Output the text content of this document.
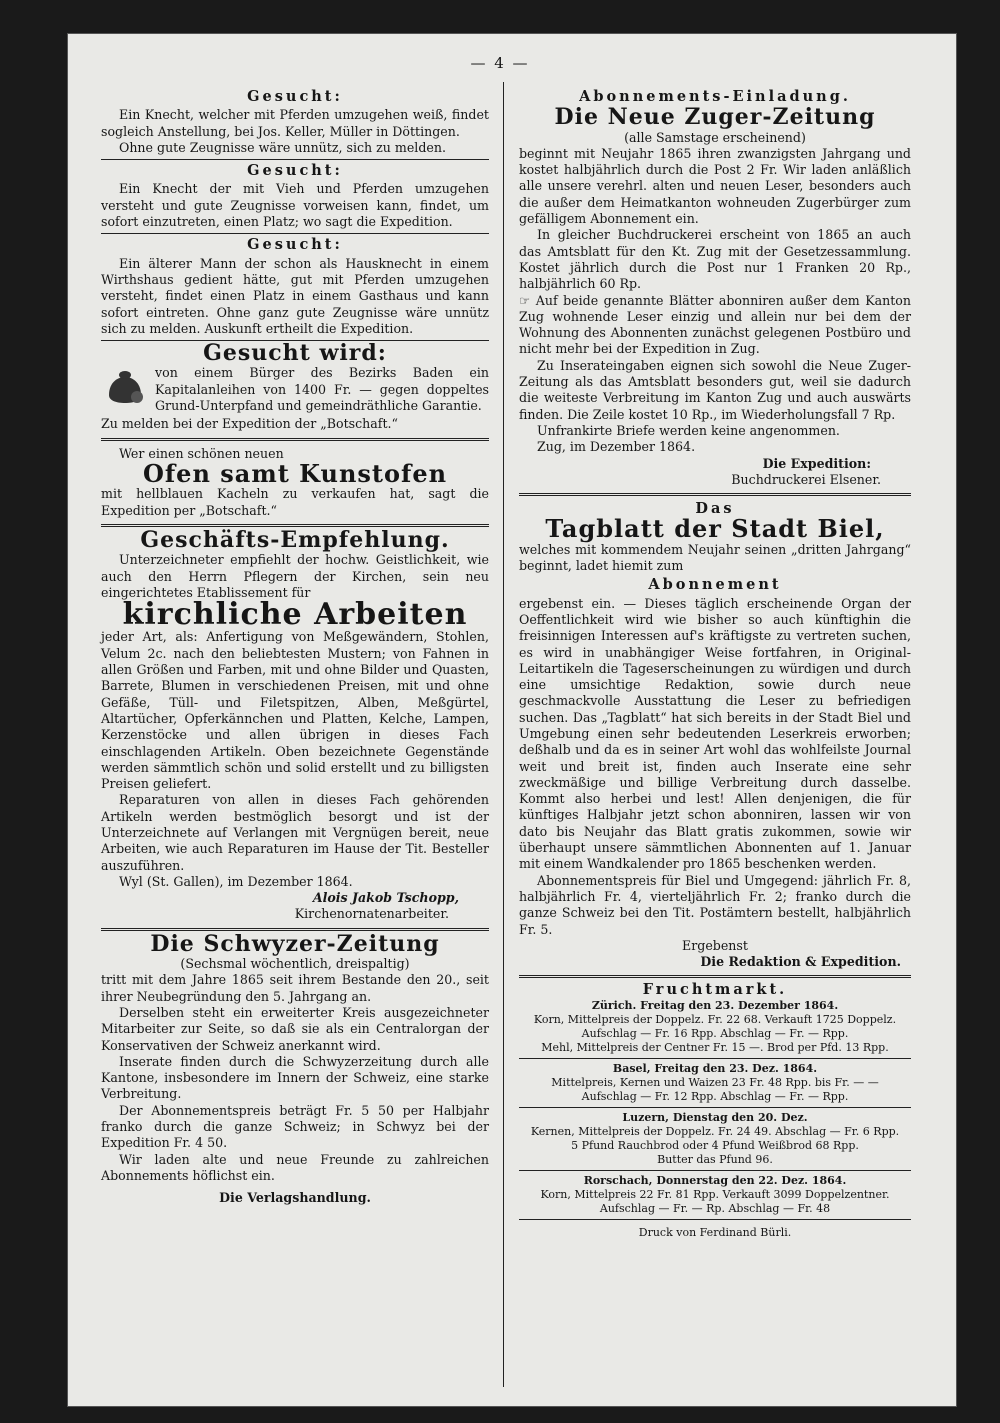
— 4 —
Gesucht:

Ein Knecht, welcher mit Pferden umzugehen weiß, findet sogleich Anstellung, bei Jos. Keller, Müller in Döttingen.

Ohne gute Zeugnisse wäre unnütz, sich zu melden.

Gesucht:

Ein Knecht der mit Vieh und Pferden umzugehen versteht und gute Zeugnisse vorweisen kann, findet, um sofort einzutreten, einen Platz; wo sagt die Expedition.

Gesucht:

Ein älterer Mann der schon als Hausknecht in einem Wirthshaus gedient hätte, gut mit Pferden umzugehen versteht, findet einen Platz in einem Gasthaus und kann sofort eintreten. Ohne ganz gute Zeugnisse wäre unnütz sich zu melden. Auskunft ertheilt die Expedition.

Gesucht wird:

von einem Bürger des Bezirks Baden ein Kapitalanleihen von 1400 Fr. — gegen doppeltes Grund-Unterpfand und gemeindräthliche Garantie.

Zu melden bei der Expedition der „Botschaft.“

Wer einen schönen neuen

Ofen samt Kunstofen

mit hellblauen Kacheln zu verkaufen hat, sagt die Expedition per „Botschaft.“

Geschäfts-Empfehlung.

Unterzeichneter empfiehlt der hochw. Geistlichkeit, wie auch den Herrn Pflegern der Kirchen, sein neu eingerichtetes Etablissement für

kirchliche Arbeiten

jeder Art, als: Anfertigung von Meßgewändern, Stohlen, Velum 2c. nach den beliebtesten Mustern; von Fahnen in allen Größen und Farben, mit und ohne Bilder und Quasten, Barrete, Blumen in verschiedenen Preisen, mit und ohne Gefäße, Tüll- und Filetspitzen, Alben, Meßgürtel, Altartücher, Opferkännchen und Platten, Kelche, Lampen, Kerzenstöcke und allen übrigen in dieses Fach einschlagenden Artikeln. Oben bezeichnete Gegenstände werden sämmtlich schön und solid erstellt und zu billigsten Preisen geliefert.

Reparaturen von allen in dieses Fach gehörenden Artikeln werden bestmöglich besorgt und ist der Unterzeichnete auf Verlangen mit Vergnügen bereit, neue Arbeiten, wie auch Reparaturen im Hause der Tit. Besteller auszuführen.

Wyl (St. Gallen), im Dezember 1864.

Alois Jakob Tschopp,

Kirchenornatenarbeiter.

Die Schwyzer-Zeitung

(Sechsmal wöchentlich, dreispaltig)

tritt mit dem Jahre 1865 seit ihrem Bestande den 20., seit ihrer Neubegründung den 5. Jahrgang an.

Derselben steht ein erweiterter Kreis ausgezeichneter Mitarbeiter zur Seite, so daß sie als ein Centralorgan der Konservativen der Schweiz anerkannt wird.

Inserate finden durch die Schwyzerzeitung durch alle Kantone, insbesondere im Innern der Schweiz, eine starke Verbreitung.

Der Abonnementspreis beträgt Fr. 5 50 per Halbjahr franko durch die ganze Schweiz; in Schwyz bei der Expedition Fr. 4 50.

Wir laden alte und neue Freunde zu zahlreichen Abonnements höflichst ein.

Die Verlagshandlung.

Abonnements-Einladung.
Die Neue Zuger-Zeitung

(alle Samstage erscheinend)

beginnt mit Neujahr 1865 ihren zwanzigsten Jahrgang und kostet halbjährlich durch die Post 2 Fr. Wir laden anläßlich alle unsere verehrl. alten und neuen Leser, besonders auch die außer dem Heimatkanton wohneuden Zugerbürger zum gefälligem Abonnement ein.

In gleicher Buchdruckerei erscheint von 1865 an auch das Amtsblatt für den Kt. Zug mit der Gesetzessammlung. Kostet jährlich durch die Post nur 1 Franken 20 Rp., halbjährlich 60 Rp.

☞ Auf beide genannte Blätter abonniren außer dem Kanton Zug wohnende Leser einzig und allein nur bei dem der Wohnung des Abonnenten zunächst gelegenen Postbüro und nicht mehr bei der Expedition in Zug.

Zu Inserateingaben eignen sich sowohl die Neue Zuger-Zeitung als das Amtsblatt besonders gut, weil sie dadurch die weiteste Verbreitung im Kanton Zug und auch auswärts finden. Die Zeile kostet 10 Rp., im Wiederholungsfall 7 Rp.

Unfrankirte Briefe werden keine angenommen.

Zug, im Dezember 1864.

Die Expedition:

Buchdruckerei Elsener.

Das
Tagblatt der Stadt Biel,

welches mit kommendem Neujahr seinen „dritten Jahrgang“ beginnt, ladet hiemit zum

Abonnement

ergebenst ein. — Dieses täglich erscheinende Organ der Oeffentlichkeit wird wie bisher so auch künftighin die freisinnigen Interessen auf's kräftigste zu vertreten suchen, es wird in unabhängiger Weise fortfahren, in Original-Leitartikeln die Tageserscheinungen zu würdigen und durch eine umsichtige Redaktion, sowie durch neue geschmackvolle Ausstattung die Leser zu befriedigen suchen. Das „Tagblatt“ hat sich bereits in der Stadt Biel und Umgebung einen sehr bedeutenden Leserkreis erworben; deßhalb und da es in seiner Art wohl das wohlfeilste Journal weit und breit ist, finden auch Inserate eine sehr zweckmäßige und billige Verbreitung durch dasselbe. Kommt also herbei und lest! Allen denjenigen, die für künftiges Halbjahr jetzt schon abonniren, lassen wir von dato bis Neujahr das Blatt gratis zukommen, sowie wir überhaupt unsere sämmtlichen Abonnenten auf 1. Januar mit einem Wandkalender pro 1865 beschenken werden.

Abonnementspreis für Biel und Umgegend: jährlich Fr. 8, halbjährlich Fr. 4, vierteljährlich Fr. 2; franko durch die ganze Schweiz bei den Tit. Postämtern bestellt, halbjährlich Fr. 5.

Ergebenst

Die Redaktion & Expedition.

Fruchtmarkt.

Zürich. Freitag den 23. Dezember 1864.

Korn, Mittelpreis der Doppelz. Fr. 22 68. Verkauft 1725 Doppelz.

Aufschlag — Fr. 16 Rpp. Abschlag — Fr. — Rpp.

Mehl, Mittelpreis der Centner Fr. 15 —. Brod per Pfd. 13 Rpp.

Basel, Freitag den 23. Dez. 1864.

Mittelpreis, Kernen und Waizen 23 Fr. 48 Rpp. bis Fr. — —

Aufschlag — Fr. 12 Rpp. Abschlag — Fr. — Rpp.

Luzern, Dienstag den 20. Dez.

Kernen, Mittelpreis der Doppelz. Fr. 24 49. Abschlag — Fr. 6 Rpp.

5 Pfund Rauchbrod oder 4 Pfund Weißbrod 68 Rpp.

Butter das Pfund 96.

Rorschach, Donnerstag den 22. Dez. 1864.

Korn, Mittelpreis 22 Fr. 81 Rpp. Verkauft 3099 Doppelzentner.

Aufschlag — Fr. — Rp. Abschlag — Fr. 48

Druck von Ferdinand Bürli.
